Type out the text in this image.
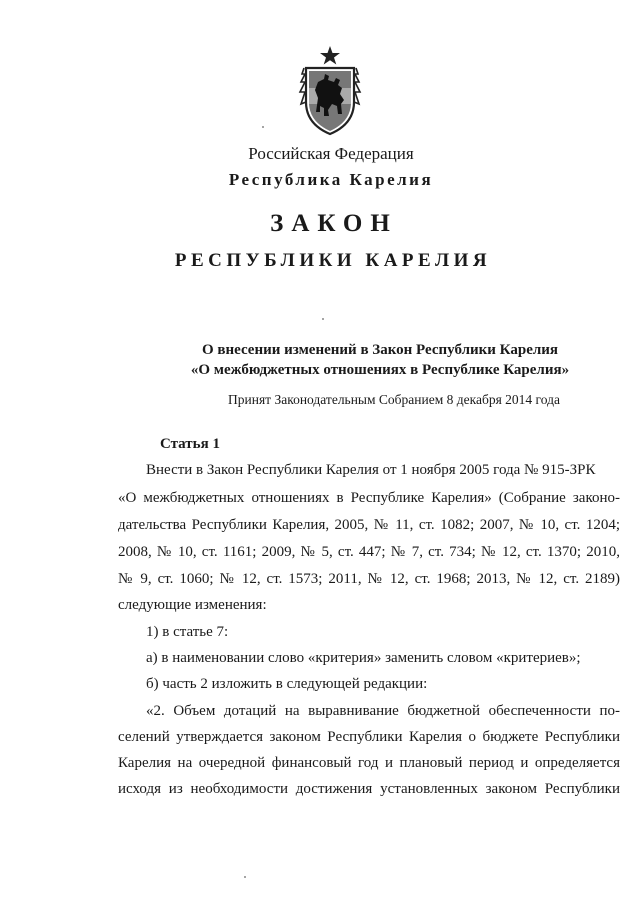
Российская Федерация
Республика Карелия
ЗАКОН
РЕСПУБЛИКИ КАРЕЛИЯ
О внесении изменений в Закон Республики Карелия
«О межбюджетных отношениях в Республике Карелия»
Принят Законодательным Собранием 8 декабря 2014 года
Статья 1
Внести в Закон Республики Карелия от 1 ноября 2005 года № 915-ЗРК
«О межбюджетных отношениях в Республике Карелия» (Собрание законо-
дательства Республики Карелия, 2005, № 11, ст. 1082; 2007, № 10, ст. 1204;
2008, № 10, ст. 1161; 2009, № 5, ст. 447; № 7, ст. 734; № 12, ст. 1370; 2010,
№ 9, ст. 1060; № 12, ст. 1573; 2011, № 12, ст. 1968; 2013, № 12, ст. 2189)
следующие изменения:
1) в статье 7:
а) в наименовании слово «критерия» заменить словом «критериев»;
б) часть 2 изложить в следующей редакции:
«2. Объем дотаций на выравнивание бюджетной обеспеченности по-
селений утверждается законом Республики Карелия о бюджете Республики
Карелия на очередной финансовый год и плановый период и определяется
исходя из необходимости достижения установленных законом Республики
